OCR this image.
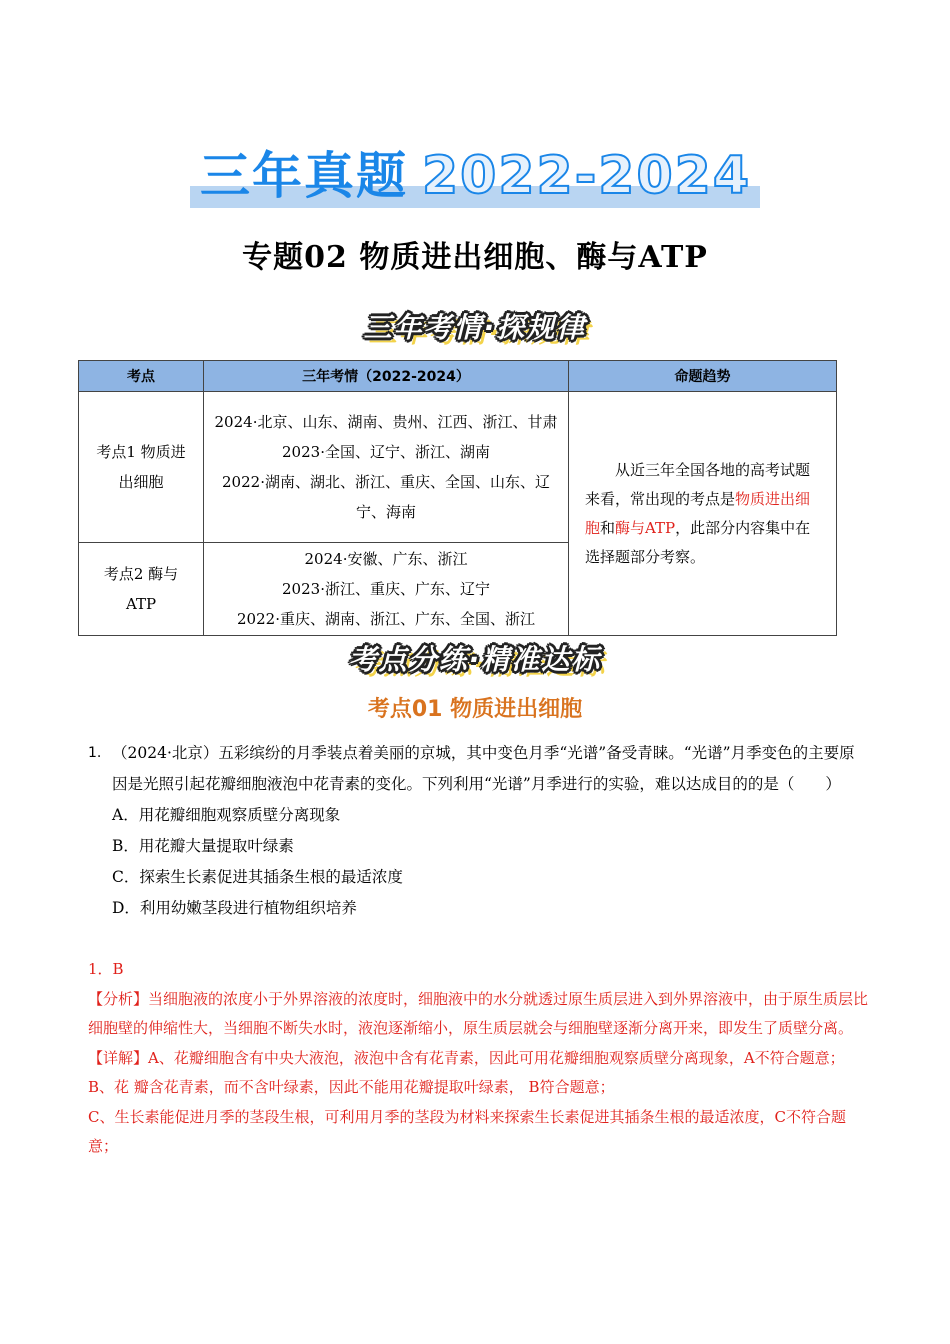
三年真题 2022-2024
专题02 物质进出细胞、酶与ATP
三年考情·探规律
考点	三年考情（2022-2024）	命题趋势
考点1 物质进出细胞	2024·北京、山东、湖南、贵州、江西、浙江、甘肃
2023·全国、辽宁、浙江、湖南
2022·湖南、湖北、浙江、重庆、全国、山东、辽宁、海南	从近三年全国各地的高考试题来看，常出现的考点是物质进出细胞和酶与ATP，此部分内容集中在选择题部分考察。
考点2 酶与ATP	2024·安徽、广东、浙江
2023·浙江、重庆、广东、辽宁
2022·重庆、湖南、浙江、广东、全国、浙江	
考点分练·精准达标
考点01 物质进出细胞
1. （2024·北京）五彩缤纷的月季装点着美丽的京城，其中变色月季“光谱”备受青睐。“光谱”月季变色的主要原因是光照引起花瓣细胞液泡中花青素的变化。下列利用“光谱”月季进行的实验，难以达成目的的是（　　）
A．用花瓣细胞观察质壁分离现象
B．用花瓣大量提取叶绿素
C．探索生长素促进其插条生根的最适浓度
D．利用幼嫩茎段进行植物组织培养
1．B
【分析】当细胞液的浓度小于外界溶液的浓度时，细胞液中的水分就透过原生质层进入到外界溶液中，由于原生质层比细胞壁的伸缩性大，当细胞不断失水时，液泡逐渐缩小，原生质层就会与细胞壁逐渐分离开来，即发生了质壁分离。
【详解】A、花瓣细胞含有中央大液泡，液泡中含有花青素，因此可用花瓣细胞观察质壁分离现象，A不符合题意；
B、花 瓣含花青素，而不含叶绿素，因此不能用花瓣提取叶绿素， B符合题意；
C、生长素能促进月季的茎段生根，可利用月季的茎段为材料来探索生长素促进其插条生根的最适浓度，C不符合题意；
